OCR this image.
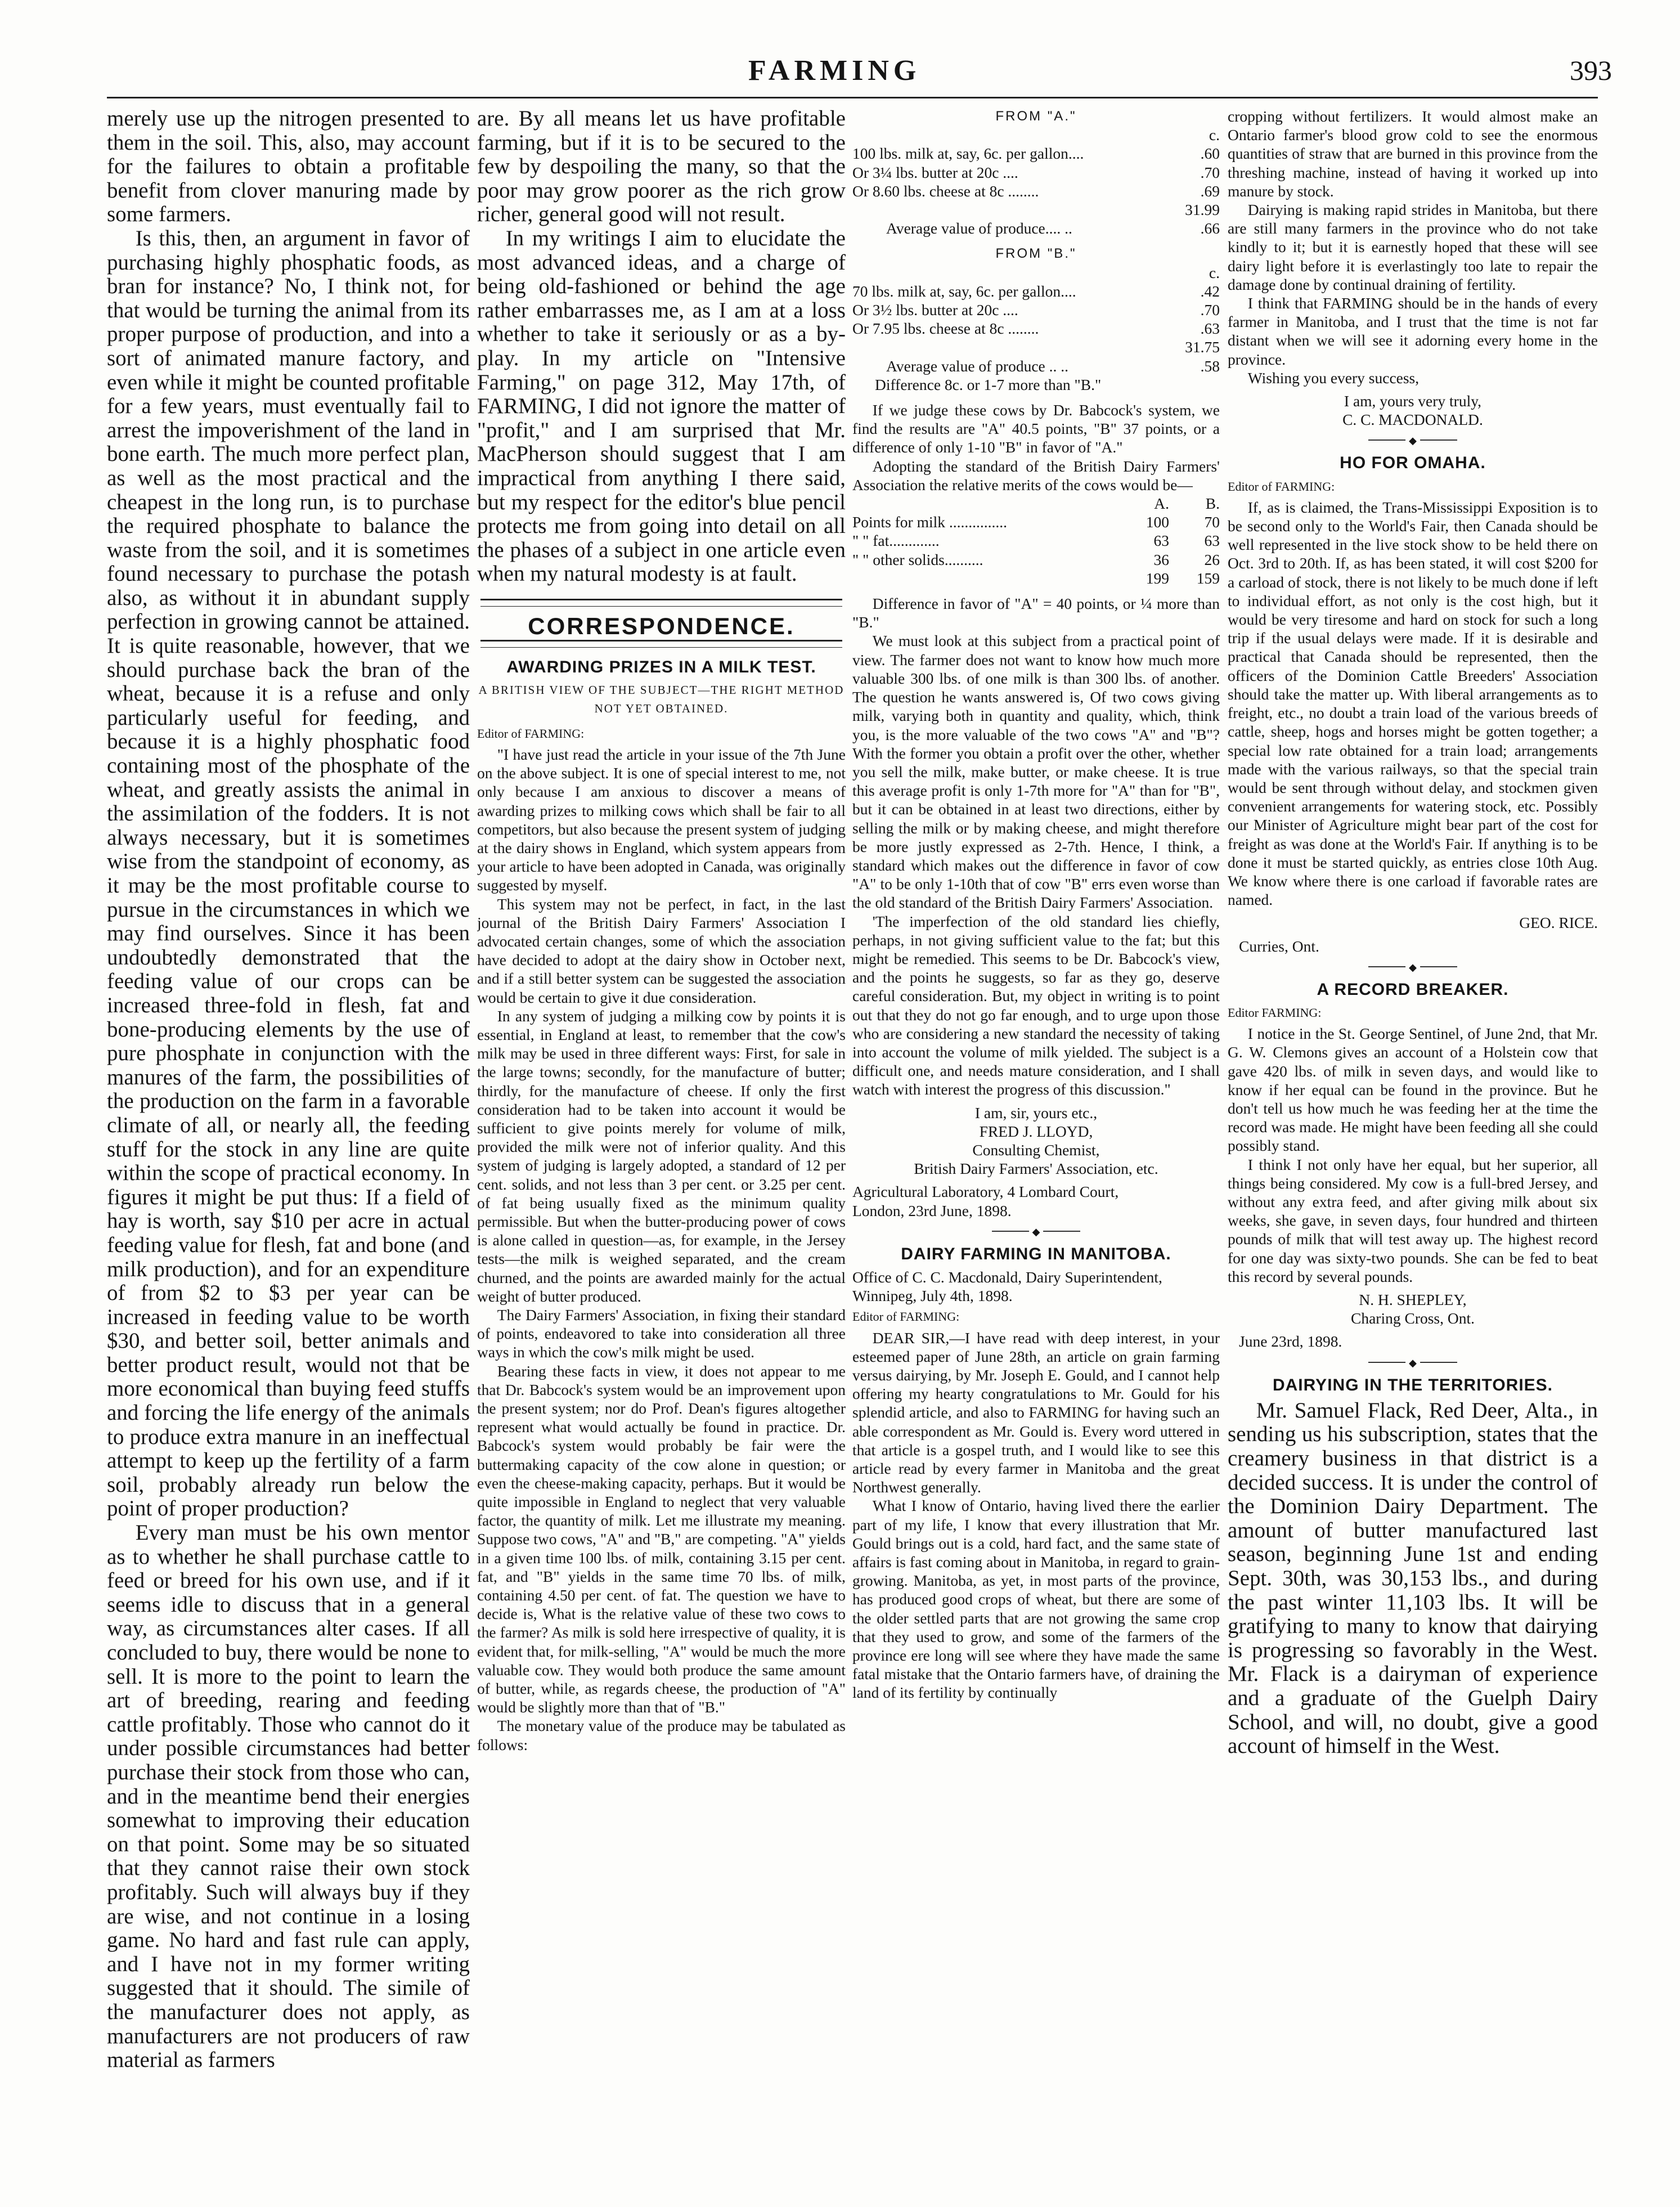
FARMING	393

merely use up the nitrogen presented to them in the soil. This, also, may account for the failures to obtain a profitable benefit from clover manuring made by some farmers.

Is this, then, an argument in favor of purchasing highly phosphatic foods, as bran for instance? No, I think not, for that would be turning the animal from its proper purpose of production, and into a sort of animated manure factory, and even while it might be counted profitable for a few years, must eventually fail to arrest the impoverishment of the land in bone earth. The much more perfect plan, as well as the most practical and the cheapest in the long run, is to purchase the required phosphate to balance the waste from the soil, and it is sometimes found necessary to purchase the potash also, as without it in abundant supply perfection in growing cannot be attained. It is quite reasonable, however, that we should purchase back the bran of the wheat, because it is a refuse and only particularly useful for feeding, and because it is a highly phosphatic food containing most of the phosphate of the wheat, and greatly assists the animal in the assimilation of the fodders. It is not always necessary, but it is sometimes wise from the standpoint of economy, as it may be the most profitable course to pursue in the circumstances in which we may find ourselves. Since it has been undoubtedly demonstrated that the feeding value of our crops can be increased three-fold in flesh, fat and bone-producing elements by the use of pure phosphate in conjunction with the manures of the farm, the possibilities of the production on the farm in a favorable climate of all, or nearly all, the feeding stuff for the stock in any line are quite within the scope of practical economy. In figures it might be put thus: If a field of hay is worth, say $10 per acre in actual feeding value for flesh, fat and bone (and milk production), and for an expenditure of from $2 to $3 per year can be increased in feeding value to be worth $30, and better soil, better animals and better product result, would not that be more economical than buying feed stuffs and forcing the life energy of the animals to produce extra manure in an ineffectual attempt to keep up the fertility of a farm soil, probably already run below the point of proper production?

Every man must be his own mentor as to whether he shall purchase cattle to feed or breed for his own use, and if it seems idle to discuss that in a general way, as circumstances alter cases. If all concluded to buy, there would be none to sell. It is more to the point to learn the art of breeding, rearing and feeding cattle profitably. Those who cannot do it under possible circumstances had better purchase their stock from those who can, and in the meantime bend their energies somewhat to improving their education on that point. Some may be so situated that they cannot raise their own stock profitably. Such will always buy if they are wise, and not continue in a losing game. No hard and fast rule can apply, and I have not in my former writing suggested that it should. The simile of the manufacturer does not apply, as manufacturers are not producers of raw material as farmers

are. By all means let us have profitable farming, but if it is to be secured to the few by despoiling the many, so that the poor may grow poorer as the rich grow richer, general good will not result.

In my writings I aim to elucidate the most advanced ideas, and a charge of being old-fashioned or behind the age rather embarrasses me, as I am at a loss whether to take it seriously or as a by-play. In my article on "Intensive Farming," on page 312, May 17th, of FARMING, I did not ignore the matter of "profit," and I am surprised that Mr. MacPherson should suggest that I am impractical from anything I there said, but my respect for the editor's blue pencil protects me from going into detail on all the phases of a subject in one article even when my natural modesty is at fault.

CORRESPONDENCE.
AWARDING PRIZES IN A MILK TEST.
A BRITISH VIEW OF THE SUBJECT—THE RIGHT METHOD NOT YET OBTAINED.
Editor of FARMING:

"I have just read the article in your issue of the 7th June on the above subject. It is one of special interest to me, not only because I am anxious to discover a means of awarding prizes to milking cows which shall be fair to all competitors, but also because the present system of judging at the dairy shows in England, which system appears from your article to have been adopted in Canada, was originally suggested by myself.

This system may not be perfect, in fact, in the last journal of the British Dairy Farmers' Association I advocated certain changes, some of which the association have decided to adopt at the dairy show in October next, and if a still better system can be suggested the association would be certain to give it due consideration.

In any system of judging a milking cow by points it is essential, in England at least, to remember that the cow's milk may be used in three different ways: First, for sale in the large towns; secondly, for the manufacture of butter; thirdly, for the manufacture of cheese. If only the first consideration had to be taken into account it would be sufficient to give points merely for volume of milk, provided the milk were not of inferior quality. And this system of judging is largely adopted, a standard of 12 per cent. solids, and not less than 3 per cent. or 3.25 per cent. of fat being usually fixed as the minimum quality permissible. But when the butter-producing power of cows is alone called in question—as, for example, in the Jersey tests—the milk is weighed separated, and the cream churned, and the points are awarded mainly for the actual weight of butter produced.

The Dairy Farmers' Association, in fixing their standard of points, endeavored to take into consideration all three ways in which the cow's milk might be used.

Bearing these facts in view, it does not appear to me that Dr. Babcock's system would be an improvement upon the present system; nor do Prof. Dean's figures altogether represent what would actually be found in practice. Dr. Babcock's system would probably be fair were the buttermaking capacity of the cow alone in question; or even the cheese-making capacity, perhaps. But it would be quite impossible in England to neglect that very valuable factor, the quantity of milk. Let me illustrate my meaning. Suppose two cows, "A" and "B," are competing. "A" yields in a given time 100 lbs. of milk, containing 3.15 per cent. fat, and "B" yields in the same time 70 lbs. of milk, containing 4.50 per cent. of fat. The question we have to decide is, What is the relative value of these two cows to the farmer? As milk is sold here irrespective of quality, it is evident that, for milk-selling, "A" would be much the more valuable cow. They would both produce the same amount of butter, while, as regards cheese, the production of "A" would be slightly more than that of "B."

The monetary value of the produce may be tabulated as follows:

FROM "A."
	c.
100 lbs. milk at, say, 6c. per gallon....	.60
Or 3¼ lbs. butter at 20c ....	.70
Or 8.60 lbs. cheese at 8c ........	.69
	31.99
Average value of produce.... ..	.66
FROM "B."
	c.
70 lbs. milk at, say, 6c. per gallon....	.42
Or 3½ lbs. butter at 20c ....	.70
Or 7.95 lbs. cheese at 8c ........	.63
	31.75
Average value of produce .. ..	.58
Difference 8c. or 1-7 more than "B."

If we judge these cows by Dr. Babcock's system, we find the results are "A" 40.5 points, "B" 37 points, or a difference of only 1-10 "B" in favor of "A."

Adopting the standard of the British Dairy Farmers' Association the relative merits of the cows would be—

	A.	B.
Points for milk ...............	100	70
" " fat.............	63	63
" " other solids..........	36	26
	199	159

Difference in favor of "A" = 40 points, or ¼ more than "B."

We must look at this subject from a practical point of view. The farmer does not want to know how much more valuable 300 lbs. of one milk is than 300 lbs. of another. The question he wants answered is, Of two cows giving milk, varying both in quantity and quality, which, think you, is the more valuable of the two cows "A" and "B"? With the former you obtain a profit over the other, whether you sell the milk, make butter, or make cheese. It is true this average profit is only 1-7th more for "A" than for "B", but it can be obtained in at least two directions, either by selling the milk or by making cheese, and might therefore be more justly expressed as 2-7th. Hence, I think, a standard which makes out the difference in favor of cow "A" to be only 1-10th that of cow "B" errs even worse than the old standard of the British Dairy Farmers' Association.

'The imperfection of the old standard lies chiefly, perhaps, in not giving sufficient value to the fat; but this might be remedied. This seems to be Dr. Babcock's view, and the points he suggests, so far as they go, deserve careful consideration. But, my object in writing is to point out that they do not go far enough, and to urge upon those who are considering a new standard the necessity of taking into account the volume of milk yielded. The subject is a difficult one, and needs mature consideration, and I shall watch with interest the progress of this discussion."

I am, sir, yours etc.,
FRED J. LLOYD,
Consulting Chemist,
British Dairy Farmers' Association, etc.
Agricultural Laboratory, 4 Lombard Court,
London, 23rd June, 1898.
◆
DAIRY FARMING IN MANITOBA.
Office of C. C. Macdonald, Dairy Superintendent, Winnipeg, July 4th, 1898.
Editor of FARMING:

DEAR SIR,—I have read with deep interest, in your esteemed paper of June 28th, an article on grain farming versus dairying, by Mr. Joseph E. Gould, and I cannot help offering my hearty congratulations to Mr. Gould for his splendid article, and also to FARMING for having such an able correspondent as Mr. Gould is. Every word uttered in that article is a gospel truth, and I would like to see this article read by every farmer in Manitoba and the great Northwest generally.

What I know of Ontario, having lived there the earlier part of my life, I know that every illustration that Mr. Gould brings out is a cold, hard fact, and the same state of affairs is fast coming about in Manitoba, in regard to grain-growing. Manitoba, as yet, in most parts of the province, has produced good crops of wheat, but there are some of the older settled parts that are not growing the same crop that they used to grow, and some of the farmers of the province ere long will see where they have made the same fatal mistake that the Ontario farmers have, of draining the land of its fertility by continually

cropping without fertilizers. It would almost make an Ontario farmer's blood grow cold to see the enormous quantities of straw that are burned in this province from the threshing machine, instead of having it worked up into manure by stock.

Dairying is making rapid strides in Manitoba, but there are still many farmers in the province who do not take kindly to it; but it is earnestly hoped that these will see dairy light before it is everlastingly too late to repair the damage done by continual draining of fertility.

I think that FARMING should be in the hands of every farmer in Manitoba, and I trust that the time is not far distant when we will see it adorning every home in the province.

Wishing you every success,

I am, yours very truly,
C. C. MACDONALD.
◆
HO FOR OMAHA.
Editor of FARMING:

If, as is claimed, the Trans-Mississippi Exposition is to be second only to the World's Fair, then Canada should be well represented in the live stock show to be held there on Oct. 3rd to 20th. If, as has been stated, it will cost $200 for a carload of stock, there is not likely to be much done if left to individual effort, as not only is the cost high, but it would be very tiresome and hard on stock for such a long trip if the usual delays were made. If it is desirable and practical that Canada should be represented, then the officers of the Dominion Cattle Breeders' Association should take the matter up. With liberal arrangements as to freight, etc., no doubt a train load of the various breeds of cattle, sheep, hogs and horses might be gotten together; a special low rate obtained for a train load; arrangements made with the various railways, so that the special train would be sent through without delay, and stockmen given convenient arrangements for watering stock, etc. Possibly our Minister of Agriculture might bear part of the cost for freight as was done at the World's Fair. If anything is to be done it must be started quickly, as entries close 10th Aug. We know where there is one carload if favorable rates are named.

GEO. RICE.
Curries, Ont.
◆
A RECORD BREAKER.
Editor FARMING:

I notice in the St. George Sentinel, of June 2nd, that Mr. G. W. Clemons gives an account of a Holstein cow that gave 420 lbs. of milk in seven days, and would like to know if her equal can be found in the province. But he don't tell us how much he was feeding her at the time the record was made. He might have been feeding all she could possibly stand.

I think I not only have her equal, but her superior, all things being considered. My cow is a full-bred Jersey, and without any extra feed, and after giving milk about six weeks, she gave, in seven days, four hundred and thirteen pounds of milk that will test away up. The highest record for one day was sixty-two pounds. She can be fed to beat this record by several pounds.

N. H. SHEPLEY,
Charing Cross, Ont.
June 23rd, 1898.
◆
DAIRYING IN THE TERRITORIES.

Mr. Samuel Flack, Red Deer, Alta., in sending us his subscription, states that the creamery business in that district is a decided success. It is under the control of the Dominion Dairy Department. The amount of butter manufactured last season, beginning June 1st and ending Sept. 30th, was 30,153 lbs., and during the past winter 11,103 lbs. It will be gratifying to many to know that dairying is progressing so favorably in the West. Mr. Flack is a dairyman of experience and a graduate of the Guelph Dairy School, and will, no doubt, give a good account of himself in the West.
